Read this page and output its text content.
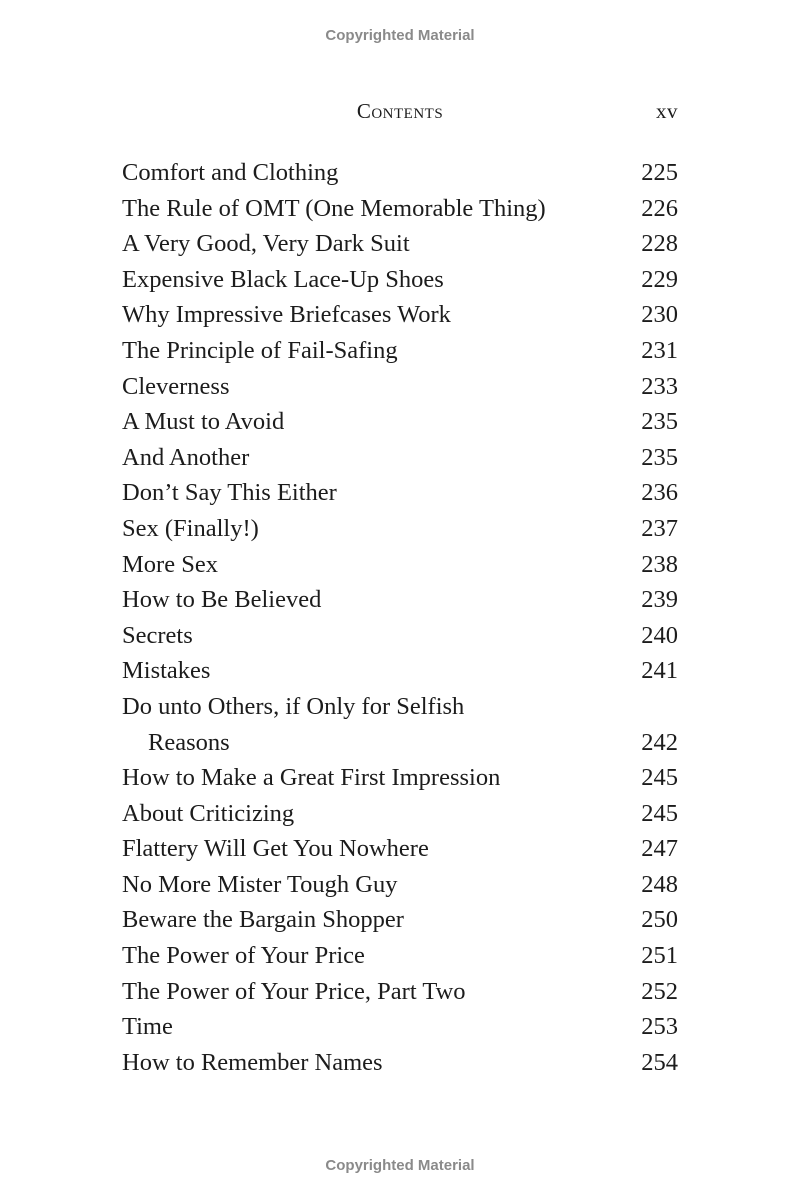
Copyrighted Material
Contents	xv
Comfort and Clothing	225
The Rule of OMT (One Memorable Thing)	226
A Very Good, Very Dark Suit	228
Expensive Black Lace-Up Shoes	229
Why Impressive Briefcases Work	230
The Principle of Fail-Safing	231
Cleverness	233
A Must to Avoid	235
And Another	235
Don’t Say This Either	236
Sex (Finally!)	237
More Sex	238
How to Be Believed	239
Secrets	240
Mistakes	241
Do unto Others, if Only for Selfish
Reasons	242
How to Make a Great First Impression	245
About Criticizing	245
Flattery Will Get You Nowhere	247
No More Mister Tough Guy	248
Beware the Bargain Shopper	250
The Power of Your Price	251
The Power of Your Price, Part Two	252
Time	253
How to Remember Names	254
Copyrighted Material
